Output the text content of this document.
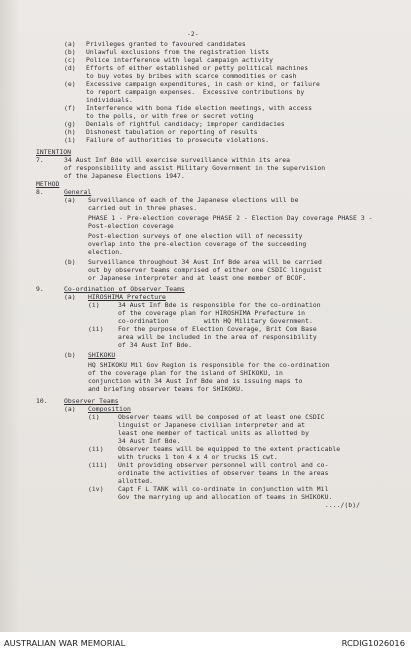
-2-
(a)	Privileges granted to favoured candidates
(b)	Unlawful exclusions from the registration lists
(c)	Police interference with legal campaign activity
(d)	Efforts of either established or petty political machines
to buy votes by bribes with scarce commodities or cash
(e)	Excessive campaign expenditures, in cash or kind, or failure
to report campaign expenses.  Excessive contributions by
individuals.
(f)	Interference with bona fide election meetings, with access
to the polls, or with free or secret voting
(g)	Denials of rightful candidacy; improper candidacies
(h)	Dishonest tabulation or reporting of results
(i)	Failure of authorities to prosecute violations.
INTENTION
7.	34 Aust Inf Bde will exercise surveillance within its area
of responsibility and assist Military Government in the supervision
of the Japanese Elections 1947.
METHOD
8.	General
(a)	Surveillance of each of the Japanese elections will be
carried out in three phases.
PHASE 1 - Pre-election coverage PHASE 2 - Election Day coverage PHASE 3 - Post-election coverage
Post-election surveys of one election will of necessity
overlap into the pre-election coverage of the succeeding
election.
(b)	Surveillance throughout 34 Aust Inf Bde area will be carried
out by observer teams comprised of either one CSDIC linguist
or Japanese interpreter and at least one member of BCOF.
9.	Co-ordination of Observer Teams
(a)	HIROSHIMA Prefecture
(i)	34 Aust Inf Bde is responsible for the co-ordination
of the coverage plan for HIROSHIMA Prefecture in
co-ordination         with HQ Military Government.
(ii)	For the purpose of Election Coverage, Brit Com Base
area will be included in the area of responsibility
of 34 Aust Inf Bde.
(b)	SHIKOKU
HQ SHIKOKU Mil Gov Region is responsible for the co-ordination
of the coverage plan for the island of SHIKOKU, in
conjunction with 34 Aust Inf Bde and is issuing maps to
and briefing observer teams for SHIKOKU.
10.	Observer Teams
(a)	Composition
(i)	Observer teams will be composed of at least one CSDIC
linguist or Japanese civilian interpreter and at
least one member of tactical units as allotted by
34 Aust Inf Bde.
(ii)	Observer teams will be equipped to the extent practicable
with trucks 1 ton 4 x 4 or trucks 15 cwt.
(iii)	Unit providing observer personnel will control and co-
ordinate the activities of observer teams in the areas
allotted.
(iv)	Capt F L TANK will co-ordinate in conjunction with Mil
Gov the marrying up and allocation of teams in SHIKOKU.
..../(b)/
AUSTRALIAN WAR MEMORIAL	RCDIG1026016
